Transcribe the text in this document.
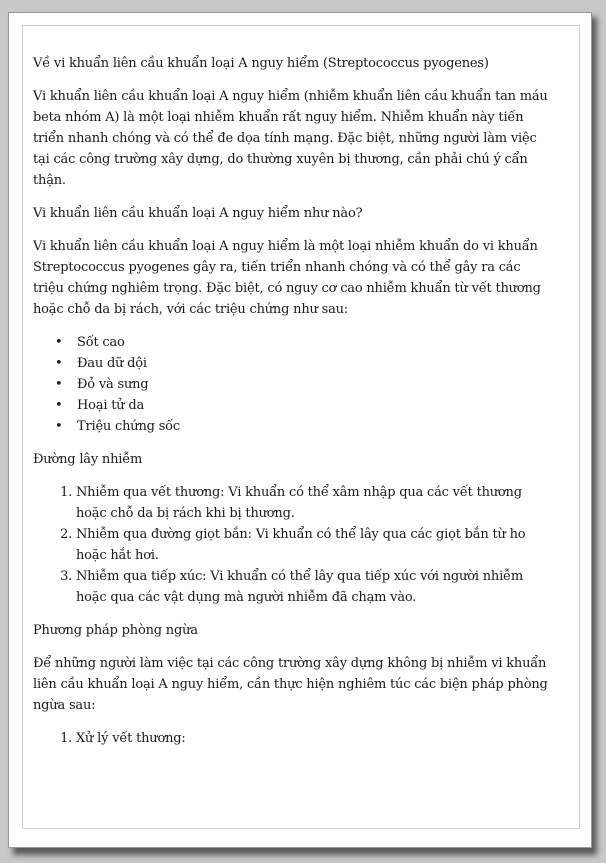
Về vi khuẩn liên cầu khuẩn loại A nguy hiểm (Streptococcus pyogenes)

Vi khuẩn liên cầu khuẩn loại A nguy hiểm (nhiễm khuẩn liên cầu khuẩn tan máu beta nhóm A) là một loại nhiễm khuẩn rất nguy hiểm. Nhiễm khuẩn này tiến triển nhanh chóng và có thể đe dọa tính mạng. Đặc biệt, những người làm việc tại các công trường xây dựng, do thường xuyên bị thương, cần phải chú ý cẩn thận.

Vi khuẩn liên cầu khuẩn loại A nguy hiểm như nào?

Vi khuẩn liên cầu khuẩn loại A nguy hiểm là một loại nhiễm khuẩn do vi khuẩn Streptococcus pyogenes gây ra, tiến triển nhanh chóng và có thể gây ra các triệu chứng nghiêm trọng. Đặc biệt, có nguy cơ cao nhiễm khuẩn từ vết thương hoặc chỗ da bị rách, với các triệu chứng như sau:

• Sốt cao
• Đau dữ dội
• Đỏ và sưng
• Hoại tử da
• Triệu chứng sốc

Đường lây nhiễm

1. Nhiễm qua vết thương: Vi khuẩn có thể xâm nhập qua các vết thương hoặc chỗ da bị rách khi bị thương.
2. Nhiễm qua đường giọt bắn: Vi khuẩn có thể lây qua các giọt bắn từ ho hoặc hắt hơi.
3. Nhiễm qua tiếp xúc: Vi khuẩn có thể lây qua tiếp xúc với người nhiễm hoặc qua các vật dụng mà người nhiễm đã chạm vào.

Phương pháp phòng ngừa

Để những người làm việc tại các công trường xây dựng không bị nhiễm vi khuẩn liên cầu khuẩn loại A nguy hiểm, cần thực hiện nghiêm túc các biện pháp phòng ngừa sau:

1. Xử lý vết thương:
